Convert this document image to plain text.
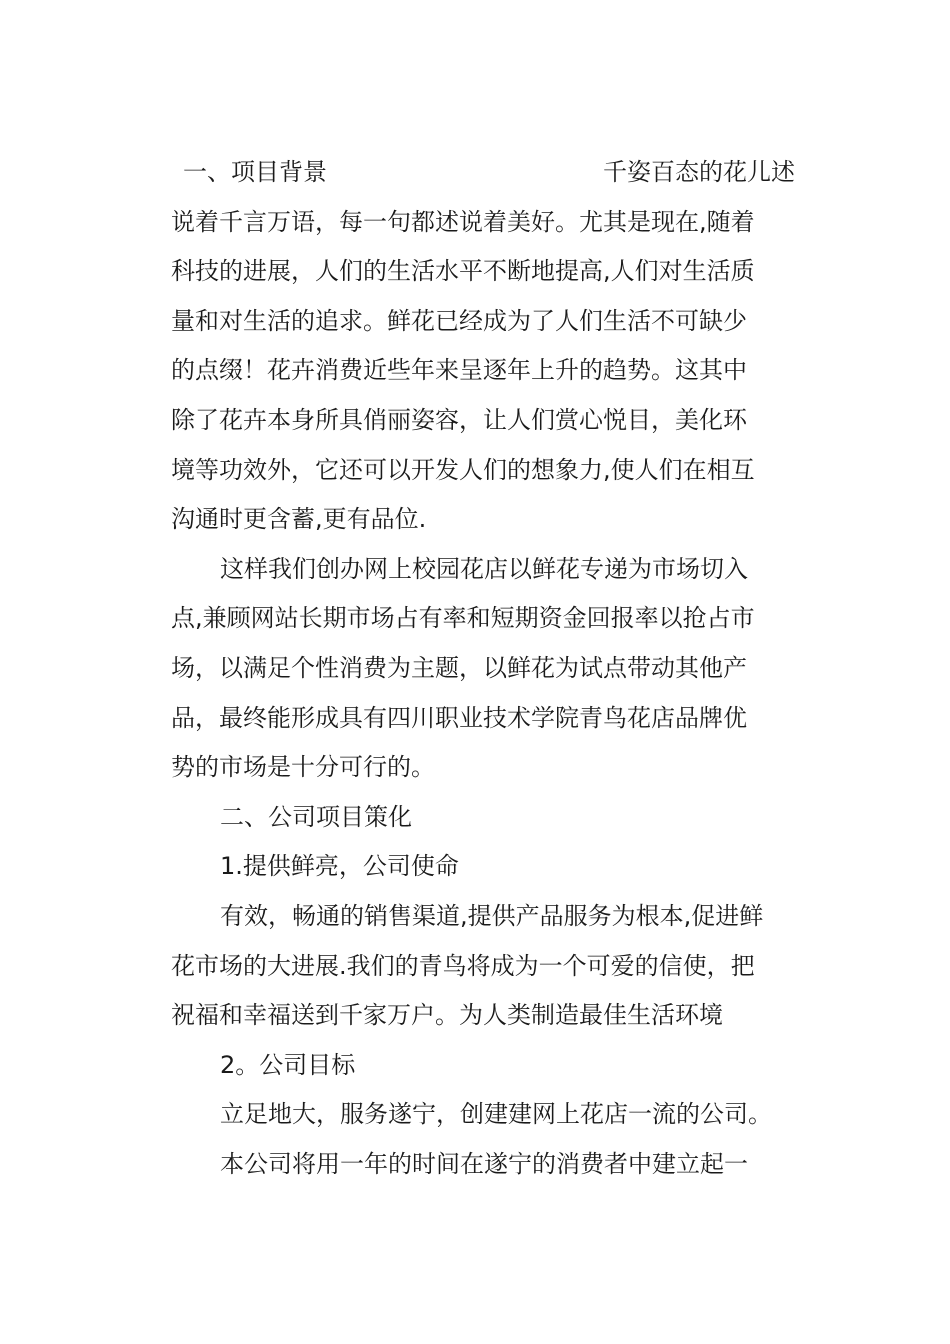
一、项目背景	千姿百态的花儿述
说着千言万语，每一句都述说着美好。尤其是现在,随着
科技的进展，人们的生活水平不断地提高,人们对生活质
量和对生活的追求。鲜花已经成为了人们生活不可缺少
的点缀！花卉消费近些年来呈逐年上升的趋势。这其中
除了花卉本身所具俏丽姿容，让人们赏心悦目，美化环
境等功效外，它还可以开发人们的想象力,使人们在相互
沟通时更含蓄,更有品位.
这样我们创办网上校园花店以鲜花专递为市场切入
点,兼顾网站长期市场占有率和短期资金回报率以抢占市
场，以满足个性消费为主题，以鲜花为试点带动其他产
品，最终能形成具有四川职业技术学院青鸟花店品牌优
势的市场是十分可行的。
二、公司项目策化
1.提供鲜亮，公司使命
有效，畅通的销售渠道,提供产品服务为根本,促进鲜
花市场的大进展.我们的青鸟将成为一个可爱的信使，把
祝福和幸福送到千家万户。为人类制造最佳生活环境
2。公司目标
立足地大，服务遂宁，创建建网上花店一流的公司。
本公司将用一年的时间在遂宁的消费者中建立起一
